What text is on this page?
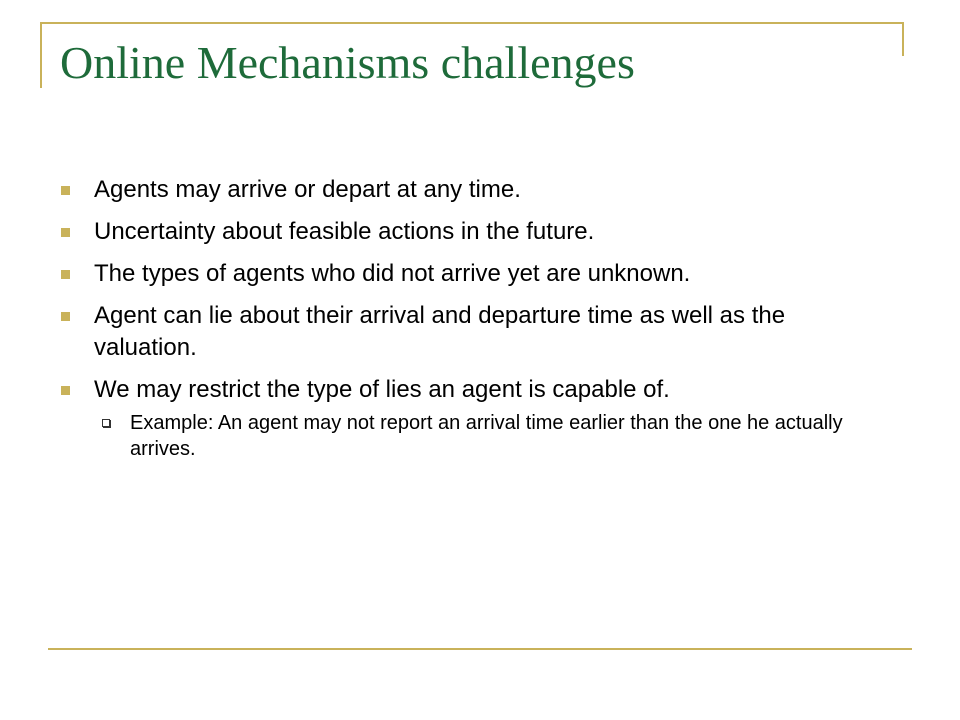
Online Mechanisms challenges
Agents may arrive or depart at any time.
Uncertainty about feasible actions in the future.
The types of agents who did not arrive yet are unknown.
Agent can lie about their arrival and departure time as well as the valuation.
We may restrict the type of lies an agent is capable of.
Example: An agent may not report an arrival time earlier than the one he actually arrives.
